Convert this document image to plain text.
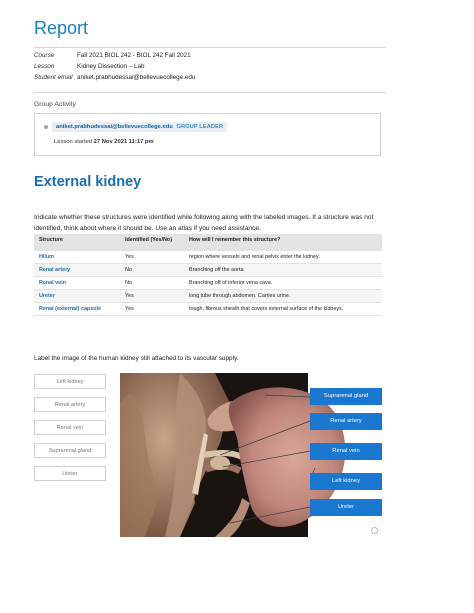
Report
Course	Fall 2021 BIOL 242 - BIOL 242 Fall 2021
Lesson	Kidney Dissection – Lab
Student email aniket.prabhudessai@bellevuecollege.edu
Group Activity
aniket.prabhudessai@bellevuecollege.edu GROUP LEADER
Lesson started 27 Nov 2021 11:17 pm
External kidney
Indicate whether these structures were identified while following along with the labeled images. If a structure was not identified, think about where it should be. Use an atlas if you need assistance.
Structure	Identified (Yes/No)	How will I remember this structure?
Hilum	Yes	region where vessels and renal pelvis enter the kidney.
Renal artery	No	Branching off the aorta
Renal vein	No	Branching off of inferior vena cava.
Ureter	Yes	long tube through abdomen. Carries urine.
Renal (external) capsule	Yes	tough, fibrous sheath that covers external surface of the kidneys.
Label the image of the human kidney still attached to its vascular supply.
Left kidney
Renal artery
Renal vein
Suprarenal gland
Ureter
Suprarenal gland
Renal artery
Renal vein
Left kidney
Ureter
